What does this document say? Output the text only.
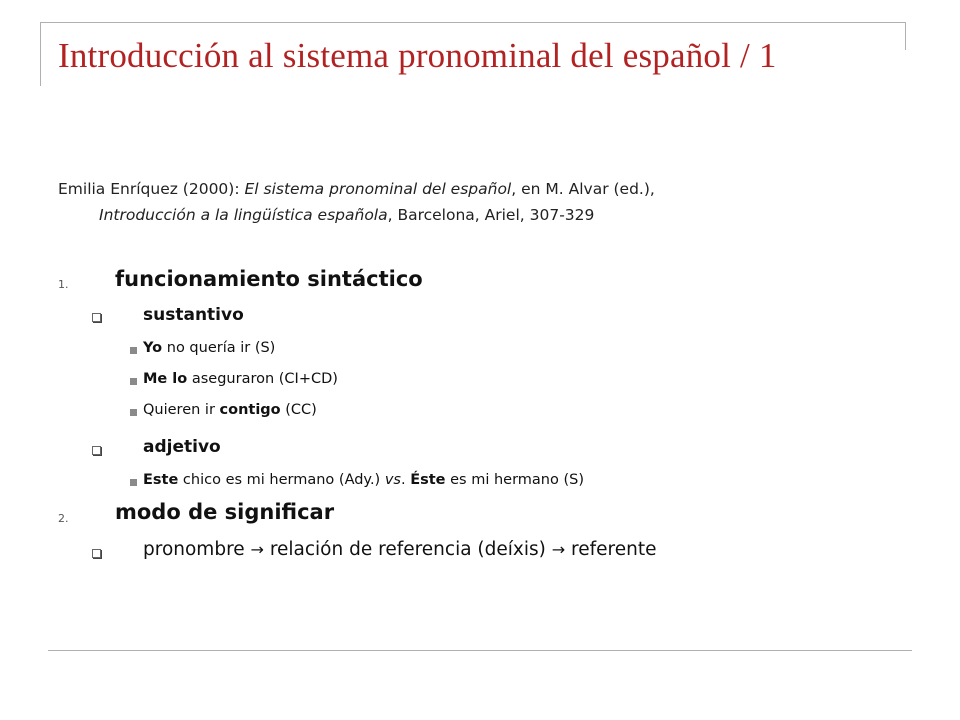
Introducción al sistema pronominal del español / 1

Emilia Enríquez (2000): El sistema pronominal del español, en M. Alvar (ed.),
Introducción a la lingüística española, Barcelona, Ariel, 307-329

1. funcionamiento sintáctico
sustantivo
Yo no quería ir (S)
Me lo aseguraron (CI+CD)
Quieren ir contigo (CC)
adjetivo
Este chico es mi hermano (Ady.) vs. Éste es mi hermano (S)
2. modo de significar
pronombre → relación de referencia (deíxis) → referente
